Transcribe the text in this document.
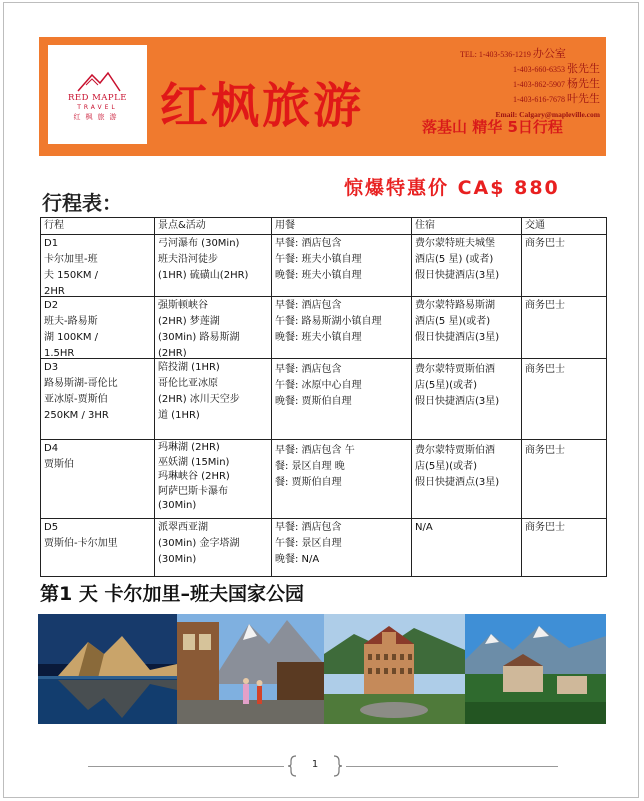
RED MAPLE
TRAVEL
红枫旅游 红枫旅游
TEL: 1-403-536-1219 办公室
1-403-660-6353 张先生
1-403-862-5907 杨先生
1-403-616-7678 叶先生
Email: Calgary@mapleville.com
落基山 精华 5日行程
惊爆特惠价 CA$ 880
行程表：
行程	景点&活动	用餐	住宿	交通

D1
卡尔加里-班
夫 150KM /
2HR	弓河瀑布 (30Min)
班夫沿河徒步
(1HR) 硫磺山(2HR)	早餐: 酒店包含
午餐: 班夫小镇自理
晚餐: 班夫小镇自理	费尔蒙特班夫城堡
酒店(5 星) (或者)
假日快捷酒店(3星)	商务巴士

D2
班夫-路易斯
湖 100KM /
1.5HR	强斯顿峡谷
(2HR) 梦莲湖
(30Min) 路易斯湖
(2HR)	早餐: 酒店包含
午餐: 路易斯湖小镇自理
晚餐: 班夫小镇自理	费尔蒙特路易斯湖
酒店(5 星)(或者)
假日快捷酒店(3星)	商务巴士

D3
路易斯湖-哥伦比
亚冰原-贾斯伯
250KM / 3HR	陪投湖 (1HR)
哥伦比亚冰原
(2HR) 冰川天空步
道 (1HR)	早餐: 酒店包含
午餐: 冰原中心自理
晚餐: 贾斯伯自理	费尔蒙特贾斯伯酒
店(5星)(或者)
假日快捷酒店(3星)	商务巴士

D4
贾斯伯	玛琳湖 (2HR)
巫妖湖 (15Min)
玛琳峡谷 (2HR)
阿萨巴斯卡瀑布
(30Min)	早餐: 酒店包含 午
餐: 景区自理 晚
餐: 贾斯伯自理	费尔蒙特贾斯伯酒
店(5星)(或者)
假日快捷酒点(3星)	商务巴士

D5
贾斯伯-卡尔加里	派翠西亚湖
(30Min) 金字塔湖
(30Min)	早餐: 酒店包含
午餐: 景区自理
晚餐: N/A	N/A	商务巴士
第1 天 卡尔加里–班夫国家公园
1
